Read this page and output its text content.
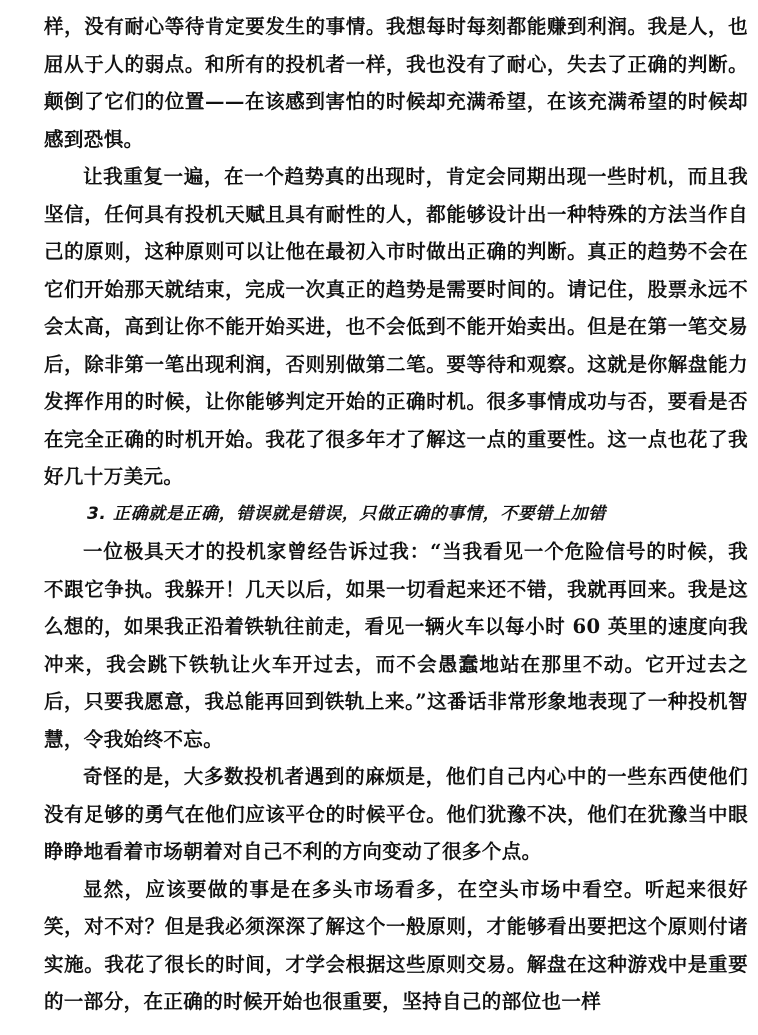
样，没有耐心等待肯定要发生的事情。我想每时每刻都能赚到利润。我是人，也屈从于人的弱点。和所有的投机者一样，我也没有了耐心，失去了正确的判断。颠倒了它们的位置——在该感到害怕的时候却充满希望，在该充满希望的时候却感到恐惧。

让我重复一遍，在一个趋势真的出现时，肯定会同期出现一些时机，而且我坚信，任何具有投机天赋且具有耐性的人，都能够设计出一种特殊的方法当作自己的原则，这种原则可以让他在最初入市时做出正确的判断。真正的趋势不会在它们开始那天就结束，完成一次真正的趋势是需要时间的。请记住，股票永远不会太高，高到让你不能开始买进，也不会低到不能开始卖出。但是在第一笔交易后，除非第一笔出现利润，否则别做第二笔。要等待和观察。这就是你解盘能力发挥作用的时候，让你能够判定开始的正确时机。很多事情成功与否，要看是否在完全正确的时机开始。我花了很多年才了解这一点的重要性。这一点也花了我好几十万美元。

3. 正确就是正确，错误就是错误，只做正确的事情，不要错上加错

一位极具天才的投机家曾经告诉过我：“当我看见一个危险信号的时候，我不跟它争执。我躲开！几天以后，如果一切看起来还不错，我就再回来。我是这么想的，如果我正沿着铁轨往前走，看见一辆火车以每小时 60 英里的速度向我冲来，我会跳下铁轨让火车开过去，而不会愚蠢地站在那里不动。它开过去之后，只要我愿意，我总能再回到铁轨上来。”这番话非常形象地表现了一种投机智慧，令我始终不忘。

奇怪的是，大多数投机者遇到的麻烦是，他们自己内心中的一些东西使他们没有足够的勇气在他们应该平仓的时候平仓。他们犹豫不决，他们在犹豫当中眼睁睁地看着市场朝着对自己不利的方向变动了很多个点。

显然，应该要做的事是在多头市场看多，在空头市场中看空。听起来很好笑，对不对？但是我必须深深了解这个一般原则，才能够看出要把这个原则付诸实施。我花了很长的时间，才学会根据这些原则交易。解盘在这种游戏中是重要的一部分，在正确的时候开始也很重要，坚持自己的部位也一样
